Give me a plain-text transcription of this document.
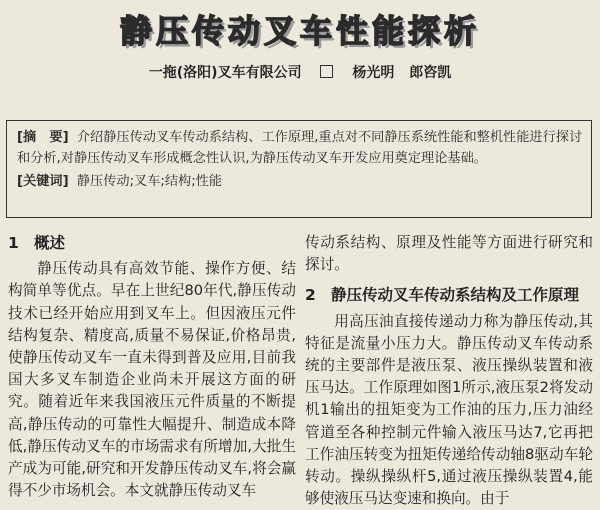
静压传动叉车性能探析
一拖(洛阳)叉车有限公司	杨光明 郎咨凯
[摘　要] 介绍静压传动叉车传动系结构、工作原理,重点对不同静压系统性能和整机性能进行探讨和分析,对静压传动叉车形成概念性认识,为静压传动叉车开发应用奠定理论基础。
[关键词] 静压传动;叉车;结构;性能
1 概述

静压传动具有高效节能、操作方便、结构简单等优点。早在上世纪80年代,静压传动技术已经开始应用到叉车上。但因液压元件结构复杂、精度高,质量不易保证,价格昂贵,使静压传动叉车一直未得到普及应用,目前我国大多叉车制造企业尚未开展这方面的研究。随着近年来我国液压元件质量的不断提高,静压传动的可靠性大幅提升、制造成本降低,静压传动叉车的市场需求有所增加,大批生产成为可能,研究和开发静压传动叉车,将会赢得不少市场机会。本文就静压传动叉车

传动系结构、原理及性能等方面进行研究和探讨。

2 静压传动叉车传动系结构及工作原理

用高压油直接传递动力称为静压传动,其特征是流量小压力大。静压传动叉车传动系统的主要部件是液压泵、液压操纵装置和液压马达。工作原理如图1所示,液压泵2将发动机1输出的扭矩变为工作油的压力,压力油经管道至各种控制元件输入液压马达7,它再把工作油压转变为扭矩传递给传动轴8驱动车轮转动。操纵操纵杆5,通过液压操纵装置4,能够使液压马达变速和换向。由于
